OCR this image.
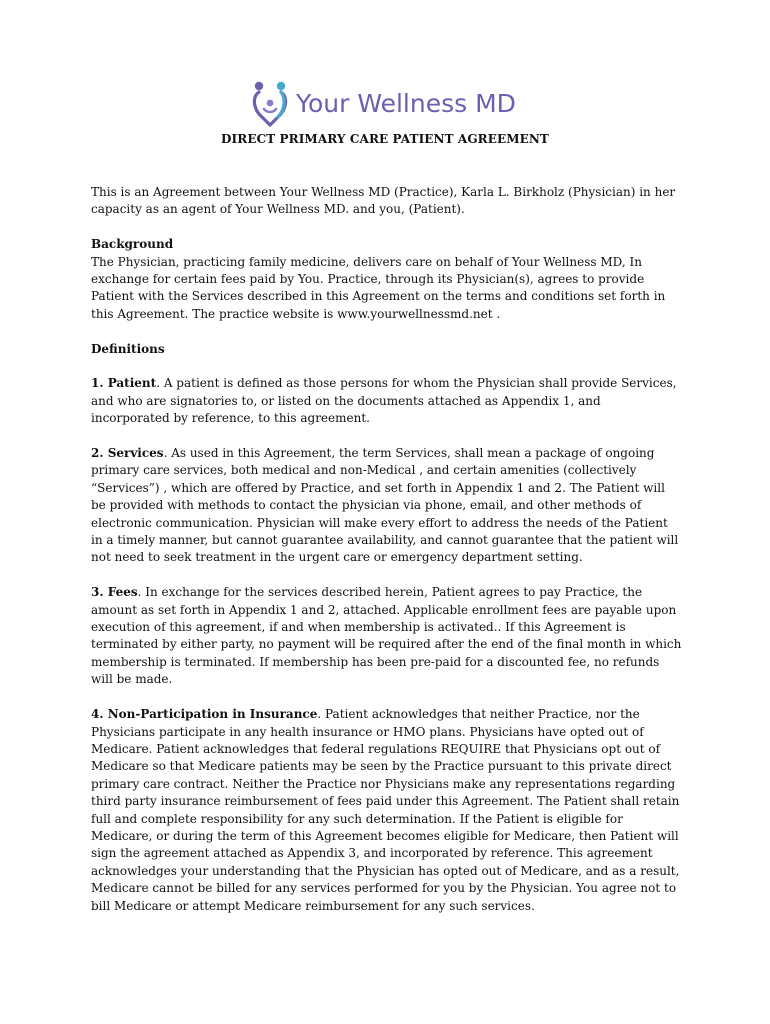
Your Wellness MD
DIRECT PRIMARY CARE PATIENT AGREEMENT

This is an Agreement between Your Wellness MD (Practice), Karla L. Birkholz (Physician) in her capacity as an agent of Your Wellness MD. and you, (Patient).

Background
The Physician, practicing family medicine, delivers care on behalf of Your Wellness MD, In exchange for certain fees paid by You. Practice, through its Physician(s), agrees to provide Patient with the Services described in this Agreement on the terms and conditions set forth in this Agreement. The practice website is www.yourwellnessmd.net .

Definitions

1. Patient. A patient is defined as those persons for whom the Physician shall provide Services, and who are signatories to, or listed on the documents attached as Appendix 1, and incorporated by reference, to this agreement.

2. Services. As used in this Agreement, the term Services, shall mean a package of ongoing primary care services, both medical and non-Medical , and certain amenities (collectively “Services”) , which are offered by Practice, and set forth in Appendix 1 and 2. The Patient will be provided with methods to contact the physician via phone, email, and other methods of electronic communication. Physician will make every effort to address the needs of the Patient in a timely manner, but cannot guarantee availability, and cannot guarantee that the patient will not need to seek treatment in the urgent care or emergency department setting.

3. Fees. In exchange for the services described herein, Patient agrees to pay Practice, the amount as set forth in Appendix 1 and 2, attached. Applicable enrollment fees are payable upon execution of this agreement, if and when membership is activated.. If this Agreement is terminated by either party, no payment will be required after the end of the final month in which membership is terminated. If membership has been pre-paid for a discounted fee, no refunds will be made.

4. Non-Participation in Insurance. Patient acknowledges that neither Practice, nor the Physicians participate in any health insurance or HMO plans. Physicians have opted out of Medicare. Patient acknowledges that federal regulations REQUIRE that Physicians opt out of Medicare so that Medicare patients may be seen by the Practice pursuant to this private direct primary care contract. Neither the Practice nor Physicians make any representations regarding third party insurance reimbursement of fees paid under this Agreement. The Patient shall retain full and complete responsibility for any such determination. If the Patient is eligible for Medicare, or during the term of this Agreement becomes eligible for Medicare, then Patient will sign the agreement attached as Appendix 3, and incorporated by reference. This agreement acknowledges your understanding that the Physician has opted out of Medicare, and as a result, Medicare cannot be billed for any services performed for you by the Physician. You agree not to bill Medicare or attempt Medicare reimbursement for any such services.
